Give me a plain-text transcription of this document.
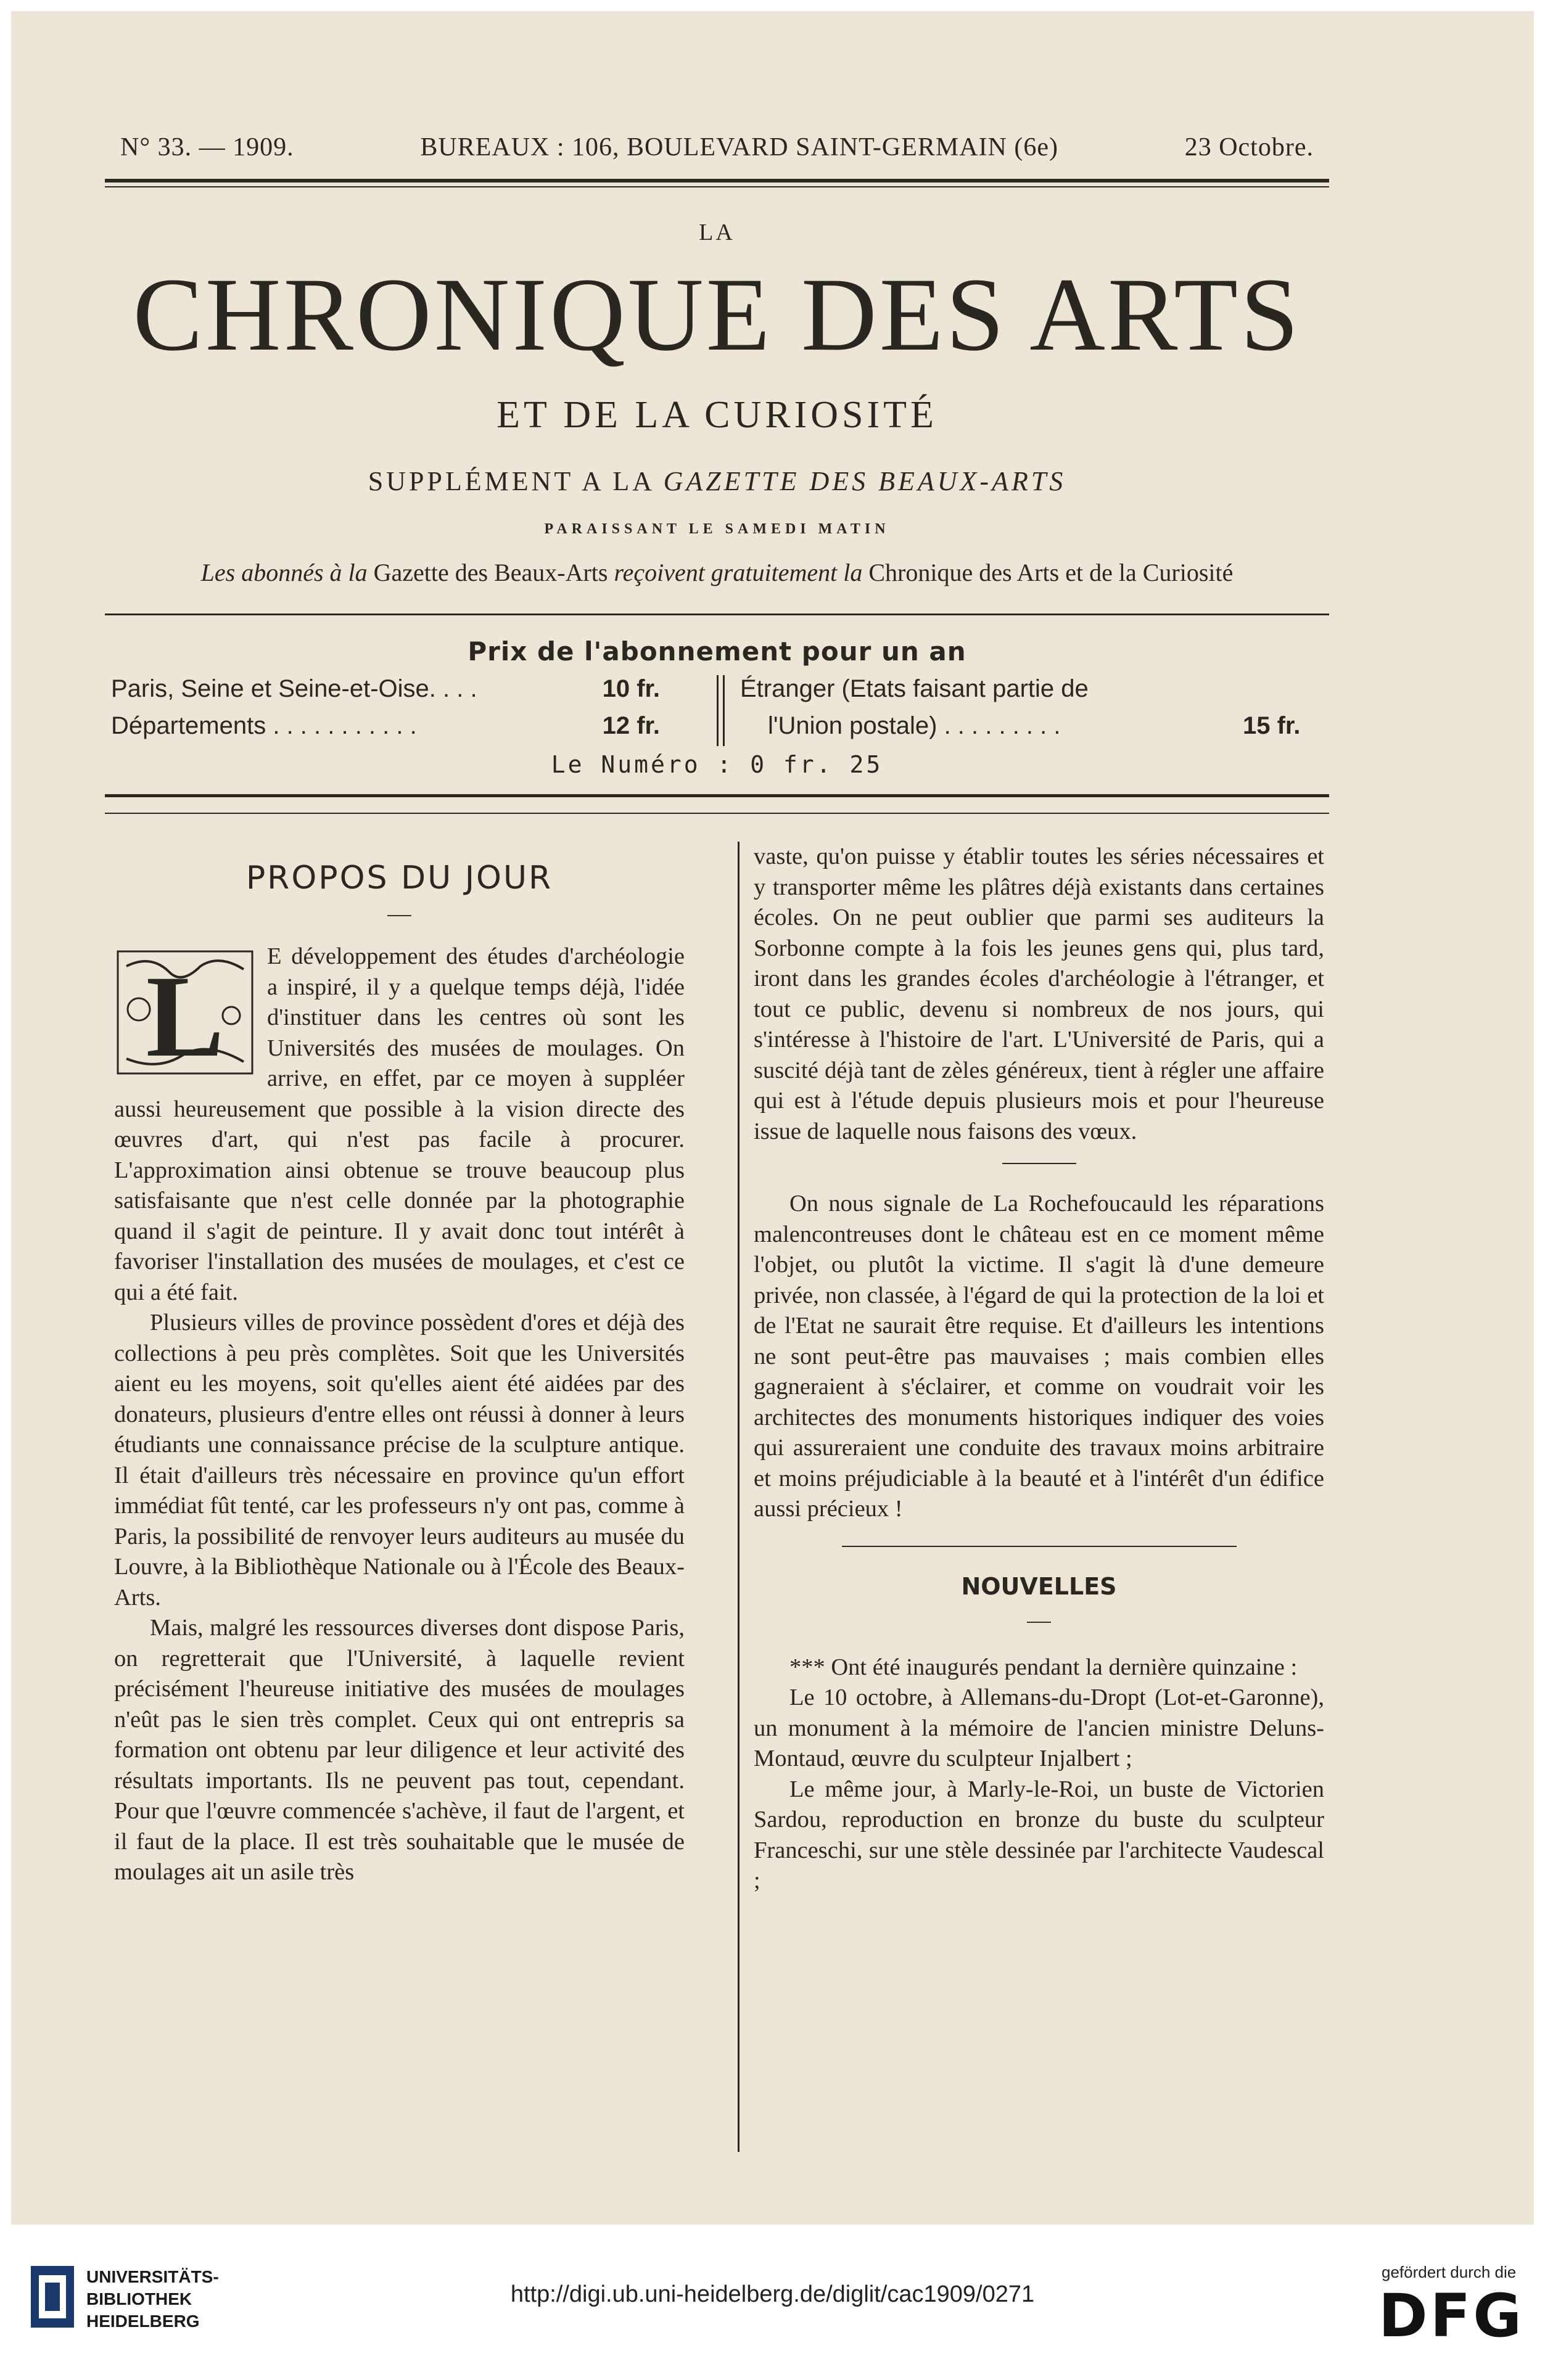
N° 33. — 1909.	BUREAUX : 106, BOULEVARD SAINT-GERMAIN (6e)	23 Octobre.
LA
CHRONIQUE DES ARTS
ET DE LA CURIOSITÉ
SUPPLÉMENT A LA GAZETTE DES BEAUX-ARTS
PARAISSANT LE SAMEDI MATIN
Les abonnés à la Gazette des Beaux-Arts reçoivent gratuitement la Chronique des Arts et de la Curiosité
Prix de l'abonnement pour un an
Paris, Seine et Seine-et-Oise. . . .	10 fr.
Départements . . . . . . . . . . .	12 fr.
Étranger (Etats faisant partie de
l'Union postale) . . . . . . . . .	15 fr.
Le Numéro : 0 fr. 25
PROPOS DU JOUR
—
L	E développement des études d'archéologie a inspiré, il y a quelque temps déjà, l'idée d'instituer dans les centres où sont les Universités des musées de moulages. On arrive, en effet, par ce moyen à suppléer aussi heureusement que possible à la vision directe des œuvres d'art, qui n'est pas facile à procurer. L'approximation ainsi obtenue se trouve beaucoup plus satisfaisante que n'est celle donnée par la photographie quand il s'agit de peinture. Il y avait donc tout intérêt à favoriser l'installation des musées de moulages, et c'est ce qui a été fait.

Plusieurs villes de province possèdent d'ores et déjà des collections à peu près complètes. Soit que les Universités aient eu les moyens, soit qu'elles aient été aidées par des donateurs, plusieurs d'entre elles ont réussi à donner à leurs étudiants une connaissance précise de la sculpture antique. Il était d'ailleurs très nécessaire en province qu'un effort immédiat fût tenté, car les professeurs n'y ont pas, comme à Paris, la possibilité de renvoyer leurs auditeurs au musée du Louvre, à la Bibliothèque Nationale ou à l'École des Beaux-Arts.

Mais, malgré les ressources diverses dont dispose Paris, on regretterait que l'Université, à laquelle revient précisément l'heureuse initiative des musées de moulages n'eût pas le sien très complet. Ceux qui ont entrepris sa formation ont obtenu par leur diligence et leur activité des résultats importants. Ils ne peuvent pas tout, cependant. Pour que l'œuvre commencée s'achève, il faut de l'argent, et il faut de la place. Il est très souhaitable que le musée de moulages ait un asile très

vaste, qu'on puisse y établir toutes les séries nécessaires et y transporter même les plâtres déjà existants dans certaines écoles. On ne peut oublier que parmi ses auditeurs la Sorbonne compte à la fois les jeunes gens qui, plus tard, iront dans les grandes écoles d'archéologie à l'étranger, et tout ce public, devenu si nombreux de nos jours, qui s'intéresse à l'histoire de l'art. L'Université de Paris, qui a suscité déjà tant de zèles généreux, tient à régler une affaire qui est à l'étude depuis plusieurs mois et pour l'heureuse issue de laquelle nous faisons des vœux.

On nous signale de La Rochefoucauld les réparations malencontreuses dont le château est en ce moment même l'objet, ou plutôt la victime. Il s'agit là d'une demeure privée, non classée, à l'égard de qui la protection de la loi et de l'Etat ne saurait être requise. Et d'ailleurs les intentions ne sont peut-être pas mauvaises ; mais combien elles gagneraient à s'éclairer, et comme on voudrait voir les architectes des monuments historiques indiquer des voies qui assureraient une conduite des travaux moins arbitraire et moins préjudiciable à la beauté et à l'intérêt d'un édifice aussi précieux !

NOUVELLES
—

*** Ont été inaugurés pendant la dernière quinzaine :

Le 10 octobre, à Allemans-du-Dropt (Lot-et-Garonne), un monument à la mémoire de l'ancien ministre Deluns-Montaud, œuvre du sculpteur Injalbert ;

Le même jour, à Marly-le-Roi, un buste de Victorien Sardou, reproduction en bronze du buste du sculpteur Franceschi, sur une stèle dessinée par l'architecte Vaudescal ;

UNIVERSITÄTS-
BIBLIOTHEK
HEIDELBERG
http://digi.ub.uni-heidelberg.de/diglit/cac1909/0271
gefördert durch die
DFG
